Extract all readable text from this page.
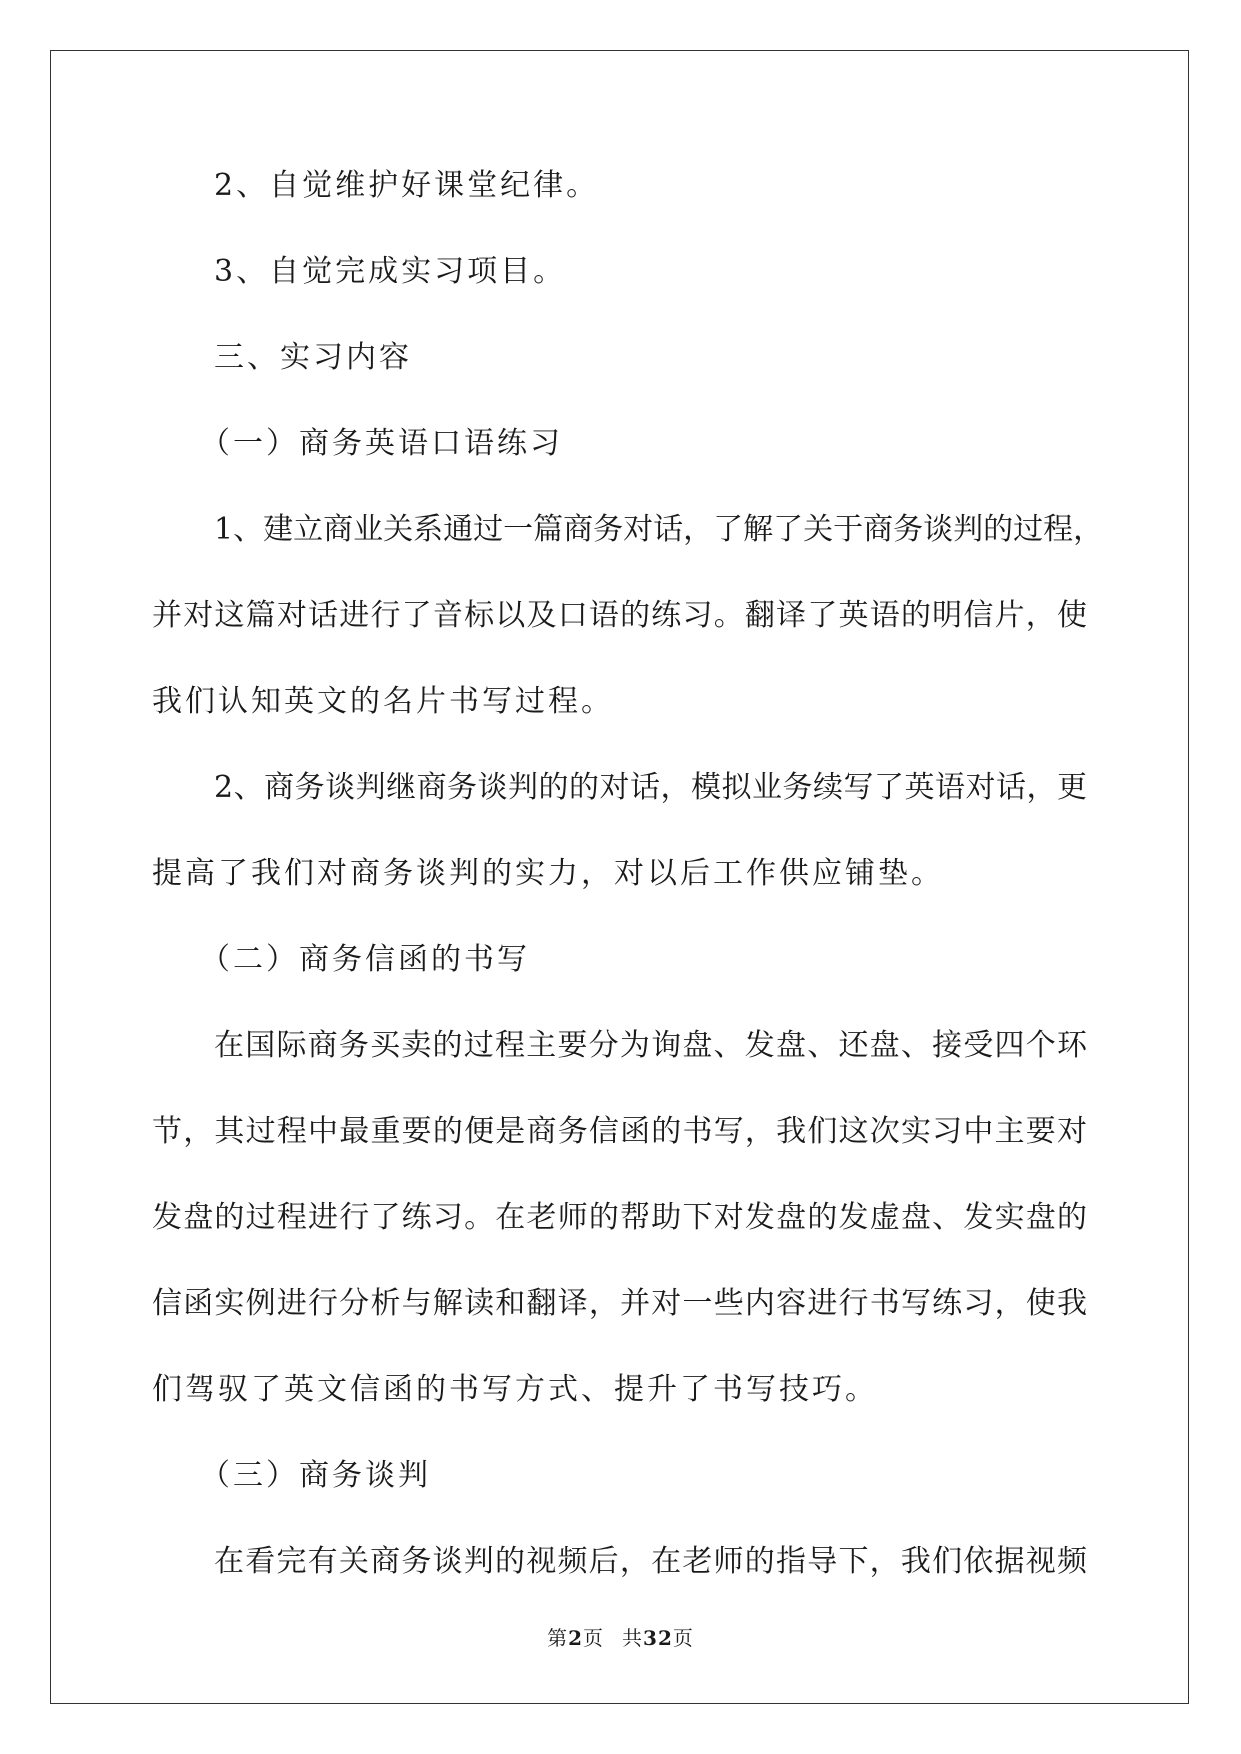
2、自觉维护好课堂纪律。
3、自觉完成实习项目。
三、实习内容
（一）商务英语口语练习
1、建立商业关系通过一篇商务对话，了解了关于商务谈判的过程，
并对这篇对话进行了音标以及口语的练习。翻译了英语的明信片，使
我们认知英文的名片书写过程。
2、商务谈判继商务谈判的的对话，模拟业务续写了英语对话，更
提高了我们对商务谈判的实力，对以后工作供应铺垫。
（二）商务信函的书写
在国际商务买卖的过程主要分为询盘、发盘、还盘、接受四个环
节，其过程中最重要的便是商务信函的书写，我们这次实习中主要对
发盘的过程进行了练习。在老师的帮助下对发盘的发虚盘、发实盘的
信函实例进行分析与解读和翻译，并对一些内容进行书写练习，使我
们驾驭了英文信函的书写方式、提升了书写技巧。
（三）商务谈判
在看完有关商务谈判的视频后，在老师的指导下，我们依据视频
第2页 共32页
